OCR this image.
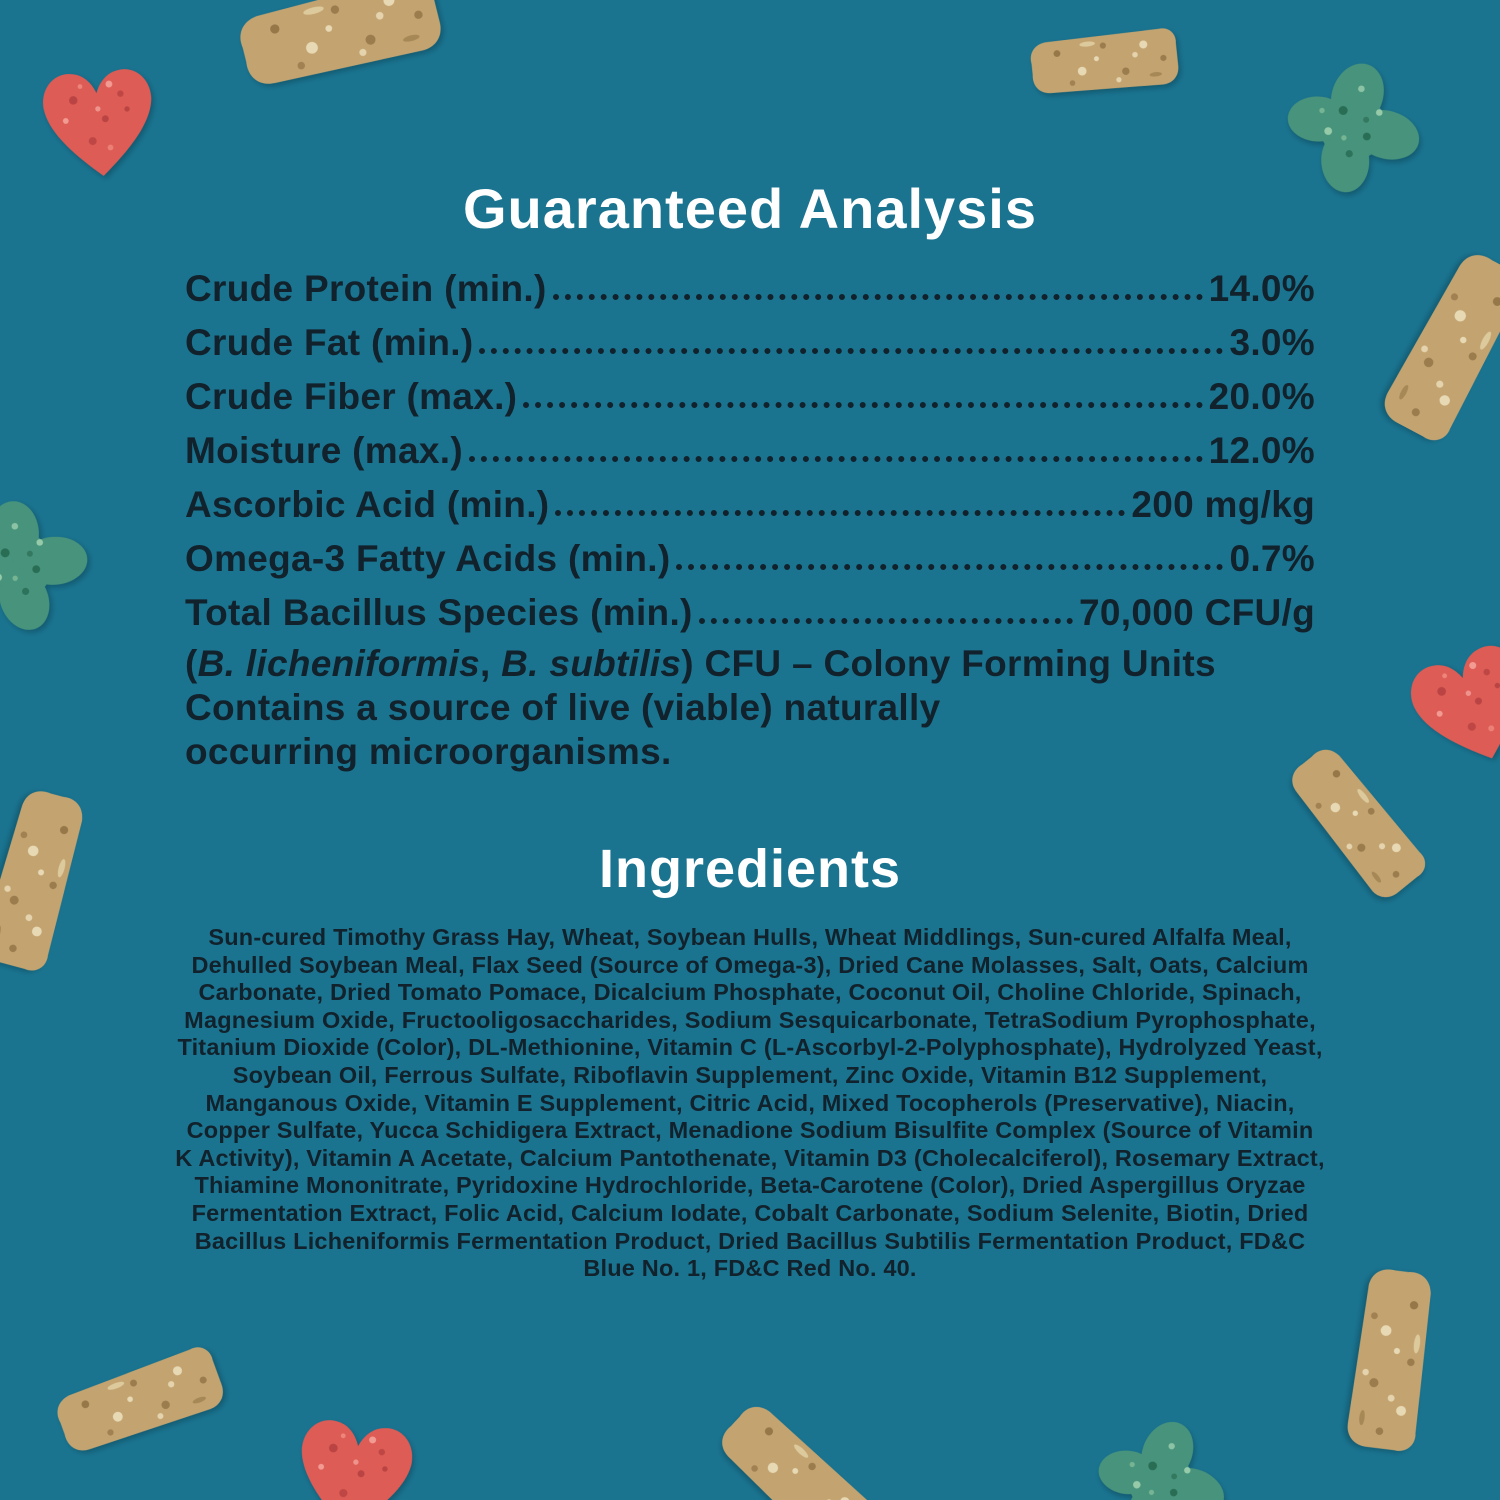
Guaranteed Analysis
Crude Protein (min.)	14.0%
Crude Fat (min.)	3.0%
Crude Fiber (max.)	20.0%
Moisture (max.)	12.0%
Ascorbic Acid (min.)	200 mg/kg
Omega-3 Fatty Acids (min.)	0.7%
Total Bacillus Species (min.)	70,000 CFU/g
(B. licheniformis, B. subtilis) CFU – Colony Forming Units
Contains a source of live (viable) naturally
occurring microorganisms.
Ingredients
Sun-cured Timothy Grass Hay, Wheat, Soybean Hulls, Wheat Middlings, Sun-cured Alfalfa Meal, Dehulled Soybean Meal, Flax Seed (Source of Omega-3), Dried Cane Molasses, Salt, Oats, Calcium Carbonate, Dried Tomato Pomace, Dicalcium Phosphate, Coconut Oil, Choline Chloride, Spinach, Magnesium Oxide, Fructooligosaccharides, Sodium Sesquicarbonate, TetraSodium Pyrophosphate, Titanium Dioxide (Color), DL-Methionine, Vitamin C (L-Ascorbyl-2-Polyphosphate), Hydrolyzed Yeast, Soybean Oil, Ferrous Sulfate, Riboflavin Supplement, Zinc Oxide, Vitamin B12 Supplement, Manganous Oxide, Vitamin E Supplement, Citric Acid, Mixed Tocopherols (Preservative), Niacin, Copper Sulfate, Yucca Schidigera Extract, Menadione Sodium Bisulfite Complex (Source of Vitamin K Activity), Vitamin A Acetate, Calcium Pantothenate, Vitamin D3 (Cholecalciferol), Rosemary Extract, Thiamine Mononitrate, Pyridoxine Hydrochloride, Beta-Carotene (Color), Dried Aspergillus Oryzae Fermentation Extract, Folic Acid, Calcium Iodate, Cobalt Carbonate, Sodium Selenite, Biotin, Dried Bacillus Licheniformis Fermentation Product, Dried Bacillus Subtilis Fermentation Product, FD&C Blue No. 1, FD&C Red No. 40.
